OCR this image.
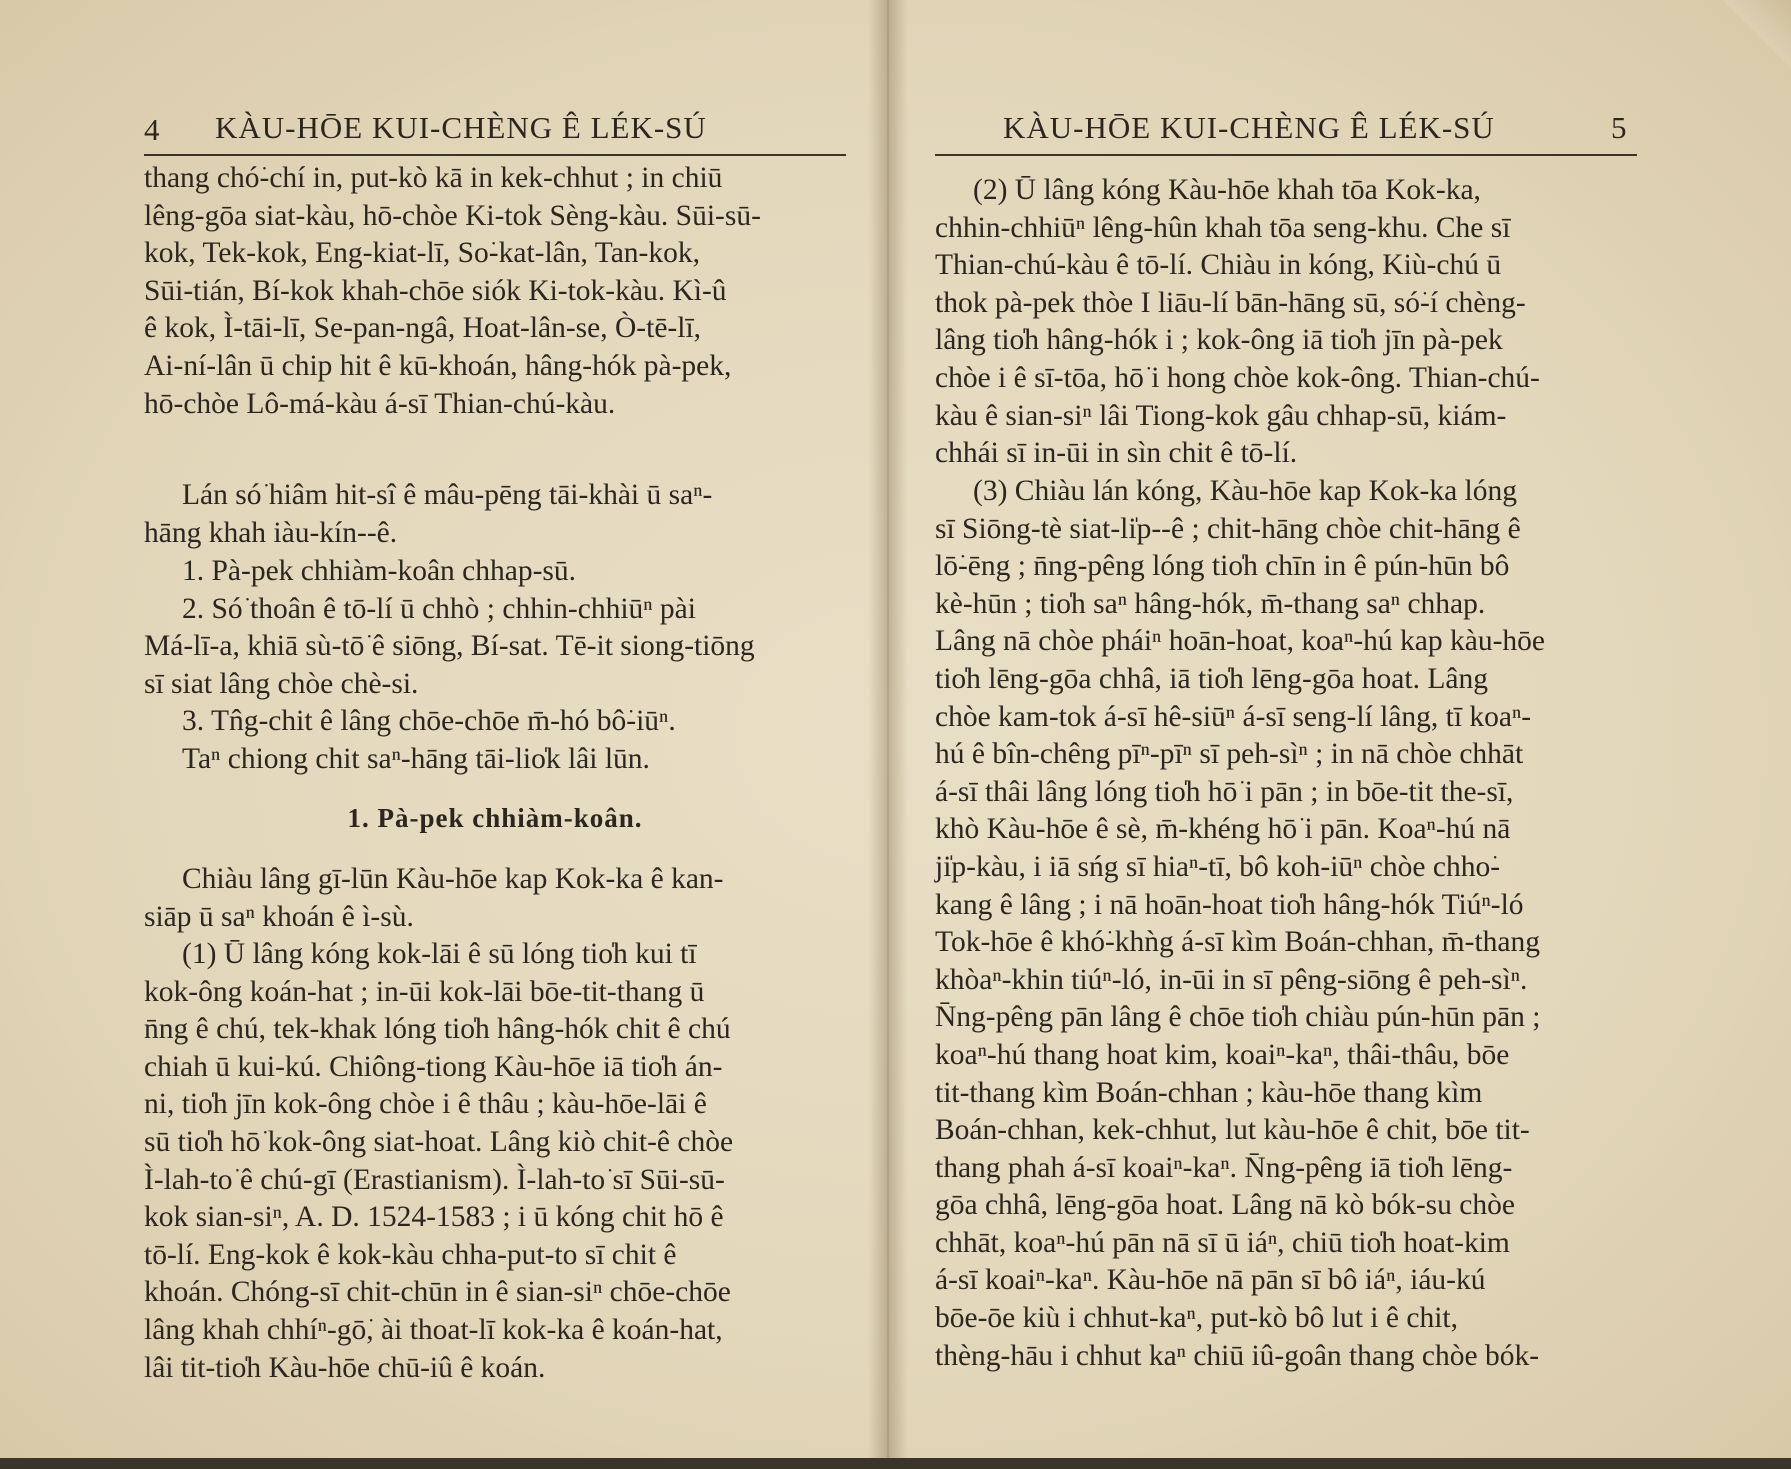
4 KÀU-HŌE KUI-CHÈNG Ê LÉK-SÚ
thang chó͘-chí in, put-kò kā in kek-chhut ; in chiū
lêng-gōa siat-kàu, hō-chòe Ki-tok Sèng-kàu. Sūi-sū-
kok, Tek-kok, Eng-kiat-lī, So͘-kat-lân, Tan-kok,
Sūi-tián, Bí-kok khah-chōe siók Ki-tok-kàu. Kì-û
ê kok, Ì-tāi-lī, Se-pan-ngâ, Hoat-lân-se, Ò-tē-lī,
Ai-ní-lân ū chip hit ê kū-khoán, hâng-hók pà-pek,
hō-chòe Lô-má-kàu á-sī Thian-chú-kàu.
Lán só͘ hiâm hit-sî ê mâu-pēng tāi-khài ū saⁿ-
hāng khah iàu-kín--ê.
1. Pà-pek chhiàm-koân chhap-sū.
2. Só͘ thoân ê tō-lí ū chhò ; chhin-chhiūⁿ pài
Má-lī-a, khiā sù-tō͘ ê siōng, Bí-sat. Tē-it siong-tiōng
sī siat lâng chòe chè-si.
3. Tn̂g-chit ê lâng chōe-chōe m̄-hó bô͘-iūⁿ.
Taⁿ chiong chit saⁿ-hāng tāi-lio̍k lâi lūn.
1. Pà-pek chhiàm-koân.
Chiàu lâng gī-lūn Kàu-hōe kap Kok-ka ê kan-
siāp ū saⁿ khoán ê ì-sù.
(1) Ū lâng kóng kok-lāi ê sū lóng tio̍h kui tī
kok-ông koán-hat ; in-ūi kok-lāi bōe-tit-thang ū
n̄ng ê chú, tek-khak lóng tio̍h hâng-hók chit ê chú
chiah ū kui-kú. Chiông-tiong Kàu-hōe iā tio̍h án-
ni, tio̍h jīn kok-ông chòe i ê thâu ; kàu-hōe-lāi ê
sū tio̍h hō͘ kok-ông siat-hoat. Lâng kiò chit-ê chòe
Ì-lah-to͘ ê chú-gī (Erastianism). Ì-lah-to͘ sī Sūi-sū-
kok sian-siⁿ, A. D. 1524-1583 ; i ū kóng chit hō ê
tō-lí. Eng-kok ê kok-kàu chha-put-to sī chit ê
khoán. Chóng-sī chit-chūn in ê sian-siⁿ chōe-chōe
lâng khah chhíⁿ-gō͘, ài thoat-lī kok-ka ê koán-hat,
lâi tit-tio̍h Kàu-hōe chū-iû ê koán.
KÀU-HŌE KUI-CHÈNG Ê LÉK-SÚ	5
(2) Ū lâng kóng Kàu-hōe khah tōa Kok-ka,
chhin-chhiūⁿ lêng-hûn khah tōa seng-khu. Che sī
Thian-chú-kàu ê tō-lí. Chiàu in kóng, Kiù-chú ū
thok pà-pek thòe I liāu-lí bān-hāng sū, só͘-í chèng-
lâng tio̍h hâng-hók i ; kok-ông iā tio̍h jīn pà-pek
chòe i ê sī-tōa, hō͘ i hong chòe kok-ông. Thian-chú-
kàu ê sian-siⁿ lâi Tiong-kok gâu chhap-sū, kiám-
chhái sī in-ūi in sìn chit ê tō-lí.
(3) Chiàu lán kóng, Kàu-hōe kap Kok-ka lóng
sī Siōng-tè siat-li̍p--ê ; chit-hāng chòe chit-hāng ê
lō͘-ēng ; n̄ng-pêng lóng tio̍h chīn in ê pún-hūn bô
kè-hūn ; tio̍h saⁿ hâng-hók, m̄-thang saⁿ chhap.
Lâng nā chòe pháiⁿ hoān-hoat, koaⁿ-hú kap kàu-hōe
tio̍h lēng-gōa chhâ, iā tio̍h lēng-gōa hoat. Lâng
chòe kam-tok á-sī hê-siūⁿ á-sī seng-lí lâng, tī koaⁿ-
hú ê bîn-chêng pīⁿ-pīⁿ sī peh-sìⁿ ; in nā chòe chhāt
á-sī thâi lâng lóng tio̍h hō͘ i pān ; in bōe-tit the-sī,
khò Kàu-hōe ê sè, m̄-khéng hō͘ i pān. Koaⁿ-hú nā
ji̍p-kàu, i iā sńg sī hiaⁿ-tī, bô koh-iūⁿ chòe chho͘-
kang ê lâng ; i nā hoān-hoat tio̍h hâng-hók Tiúⁿ-ló
Tok-hōe ê khó͘-khǹg á-sī kìm Boán-chhan, m̄-thang
khòaⁿ-khin tiúⁿ-ló, in-ūi in sī pêng-siōng ê peh-sìⁿ.
N̄ng-pêng pān lâng ê chōe tio̍h chiàu pún-hūn pān ;
koaⁿ-hú thang hoat kim, koaiⁿ-kaⁿ, thâi-thâu, bōe
tit-thang kìm Boán-chhan ; kàu-hōe thang kìm
Boán-chhan, kek-chhut, lut kàu-hōe ê chit, bōe tit-
thang phah á-sī koaiⁿ-kaⁿ. N̄ng-pêng iā tio̍h lēng-
gōa chhâ, lēng-gōa hoat. Lâng nā kò bók-su chòe
chhāt, koaⁿ-hú pān nā sī ū iáⁿ, chiū tio̍h hoat-kim
á-sī koaiⁿ-kaⁿ. Kàu-hōe nā pān sī bô iáⁿ, iáu-kú
bōe-ōe kiù i chhut-kaⁿ, put-kò bô lut i ê chit,
thèng-hāu i chhut kaⁿ chiū iû-goân thang chòe bók-
